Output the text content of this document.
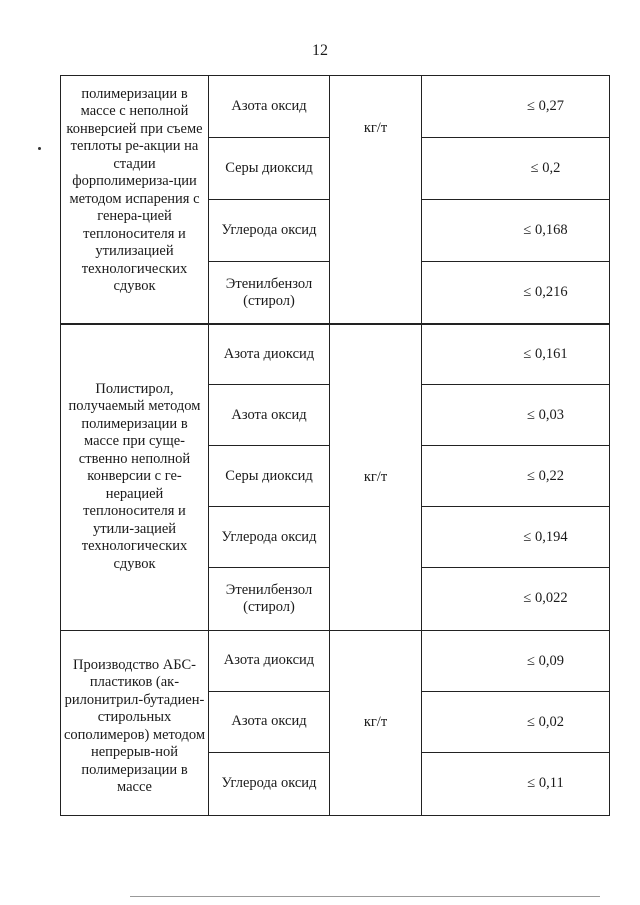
12
полимеризации в массе с неполной конверсией при съеме теплоты ре-акции на стадии форполимериза-ции методом испарения с генера-цией теплоносителя и утилизацией технологических сдувок
Азота оксид
Серы диоксид
Углерода оксид
Этенилбензол (стирол)
кг/т
≤ 0,27
≤ 0,2
≤ 0,168
≤ 0,216
Полистирол, получаемый методом полимеризации в массе при суще-ственно неполной конверсии с ге-нерацией теплоносителя и утили-зацией технологических сдувок
Азота диоксид
Азота оксид
Серы диоксид
Углерода оксид
Этенилбензол (стирол)
кг/т
≤ 0,161
≤ 0,03
≤ 0,22
≤ 0,194
≤ 0,022
Производство АБС-пластиков (ак-рилонитрил-бутадиен-стирольных сополимеров) методом непрерыв-ной полимеризации в массе
Азота диоксид
Азота оксид
Углерода оксид
кг/т
≤ 0,09
≤ 0,02
≤ 0,11
